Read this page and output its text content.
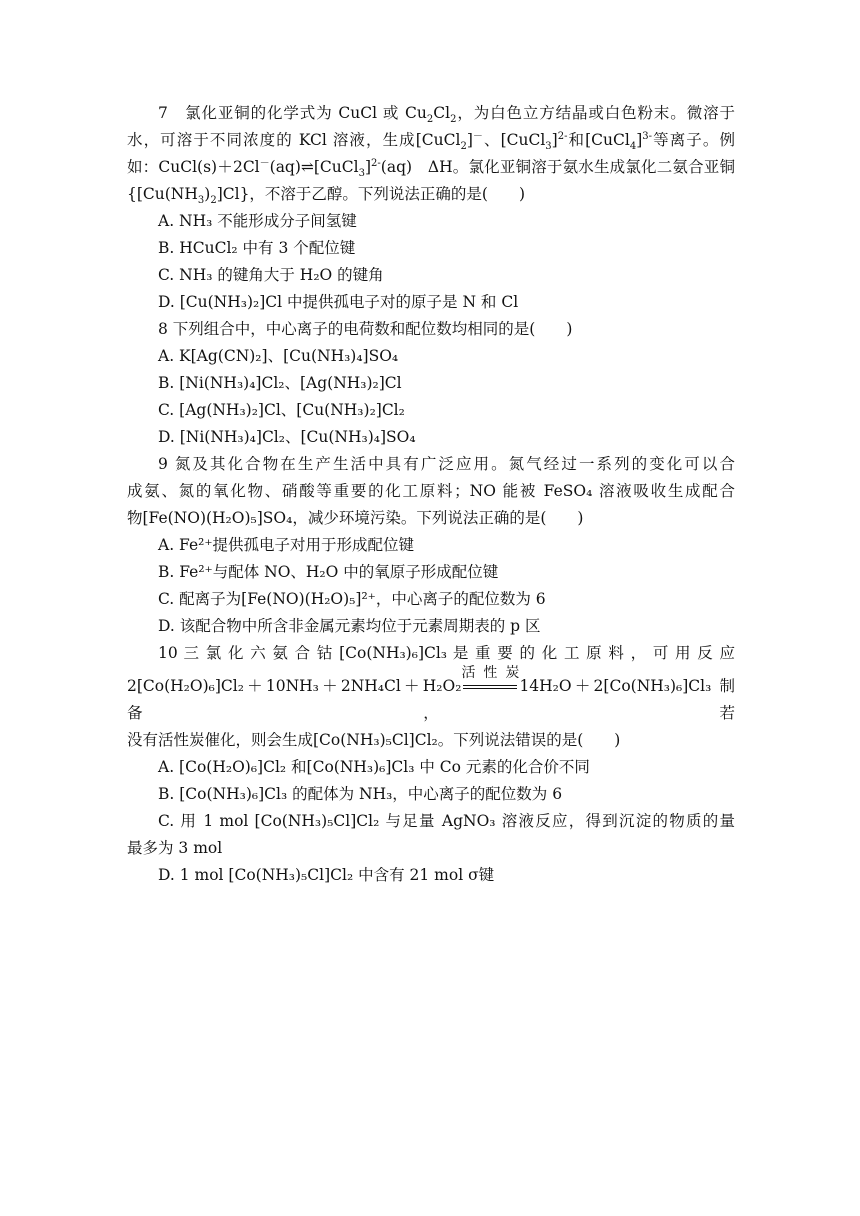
7　 氯化亚铜的化学式为 CuCl 或 $Cu_2Cl_2$，为白色立方结晶或白色粉末。微溶于水，可溶于不同浓度的 KCl 溶液，生成[CuCl$_2$]－、[CuCl$_3$]$^{2-}$和[CuCl$_4$]$^{3-}$等离子。例如：CuCl(s)＋2Cl－(aq)⇌[CuCl$_3$]$^{2-}$(aq)　ΔH。氯化亚铜溶于氨水生成氯化二氨合亚铜$\{[Cu(NH_3)_2]Cl\}$，不溶于乙醇。下列说法正确的是(　　)

A. NH₃ 不能形成分子间氢键

B. HCuCl₂ 中有 3 个配位键

C. NH₃ 的键角大于 H₂O 的键角

D. [Cu(NH₃)₂]Cl 中提供孤电子对的原子是 N 和 Cl

8 下列组合中，中心离子的电荷数和配位数均相同的是(　　)

A. K[Ag(CN)₂]、[Cu(NH₃)₄]SO₄

B. [Ni(NH₃)₄]Cl₂、[Ag(NH₃)₂]Cl

C. [Ag(NH₃)₂]Cl、[Cu(NH₃)₂]Cl₂

D. [Ni(NH₃)₄]Cl₂、[Cu(NH₃)₄]SO₄

9 氮及其化合物在生产生活中具有广泛应用。氮气经过一系列的变化可以合

成氨、氮的氧化物、硝酸等重要的化工原料；NO 能被 FeSO₄ 溶液吸收生成配合

物[Fe(NO)(H₂O)₅]SO₄，减少环境污染。下列说法正确的是(　　)

A. Fe²⁺提供孤电子对用于形成配位键

B. Fe²⁺与配体 NO、H₂O 中的氧原子形成配位键

C. 配离子为[Fe(NO)(H₂O)₅]²⁺，中心离子的配位数为 6

D. 该配合物中所含非金属元素均位于元素周期表的 p 区

10 三 氯 化 六 氨 合 钴 [Co(NH₃)₆]Cl₃ 是 重 要 的 化 工 原 料 ， 可 用 反 应

2[Co(H₂O)₆]Cl₂＋10NH₃＋2NH₄Cl＋H₂O₂
活性炭
14H₂O＋2[Co(NH₃)₆]Cl₃ 制备，若

没有活性炭催化，则会生成[Co(NH₃)₅Cl]Cl₂。下列说法错误的是(　　)

A. [Co(H₂O)₆]Cl₂ 和[Co(NH₃)₆]Cl₃ 中 Co 元素的化合价不同

B. [Co(NH₃)₆]Cl₃ 的配体为 NH₃，中心离子的配位数为 6

C. 用 1 mol [Co(NH₃)₅Cl]Cl₂ 与足量 AgNO₃ 溶液反应，得到沉淀的物质的量

最多为 3 mol

D. 1 mol [Co(NH₃)₅Cl]Cl₂ 中含有 21 mol σ键
